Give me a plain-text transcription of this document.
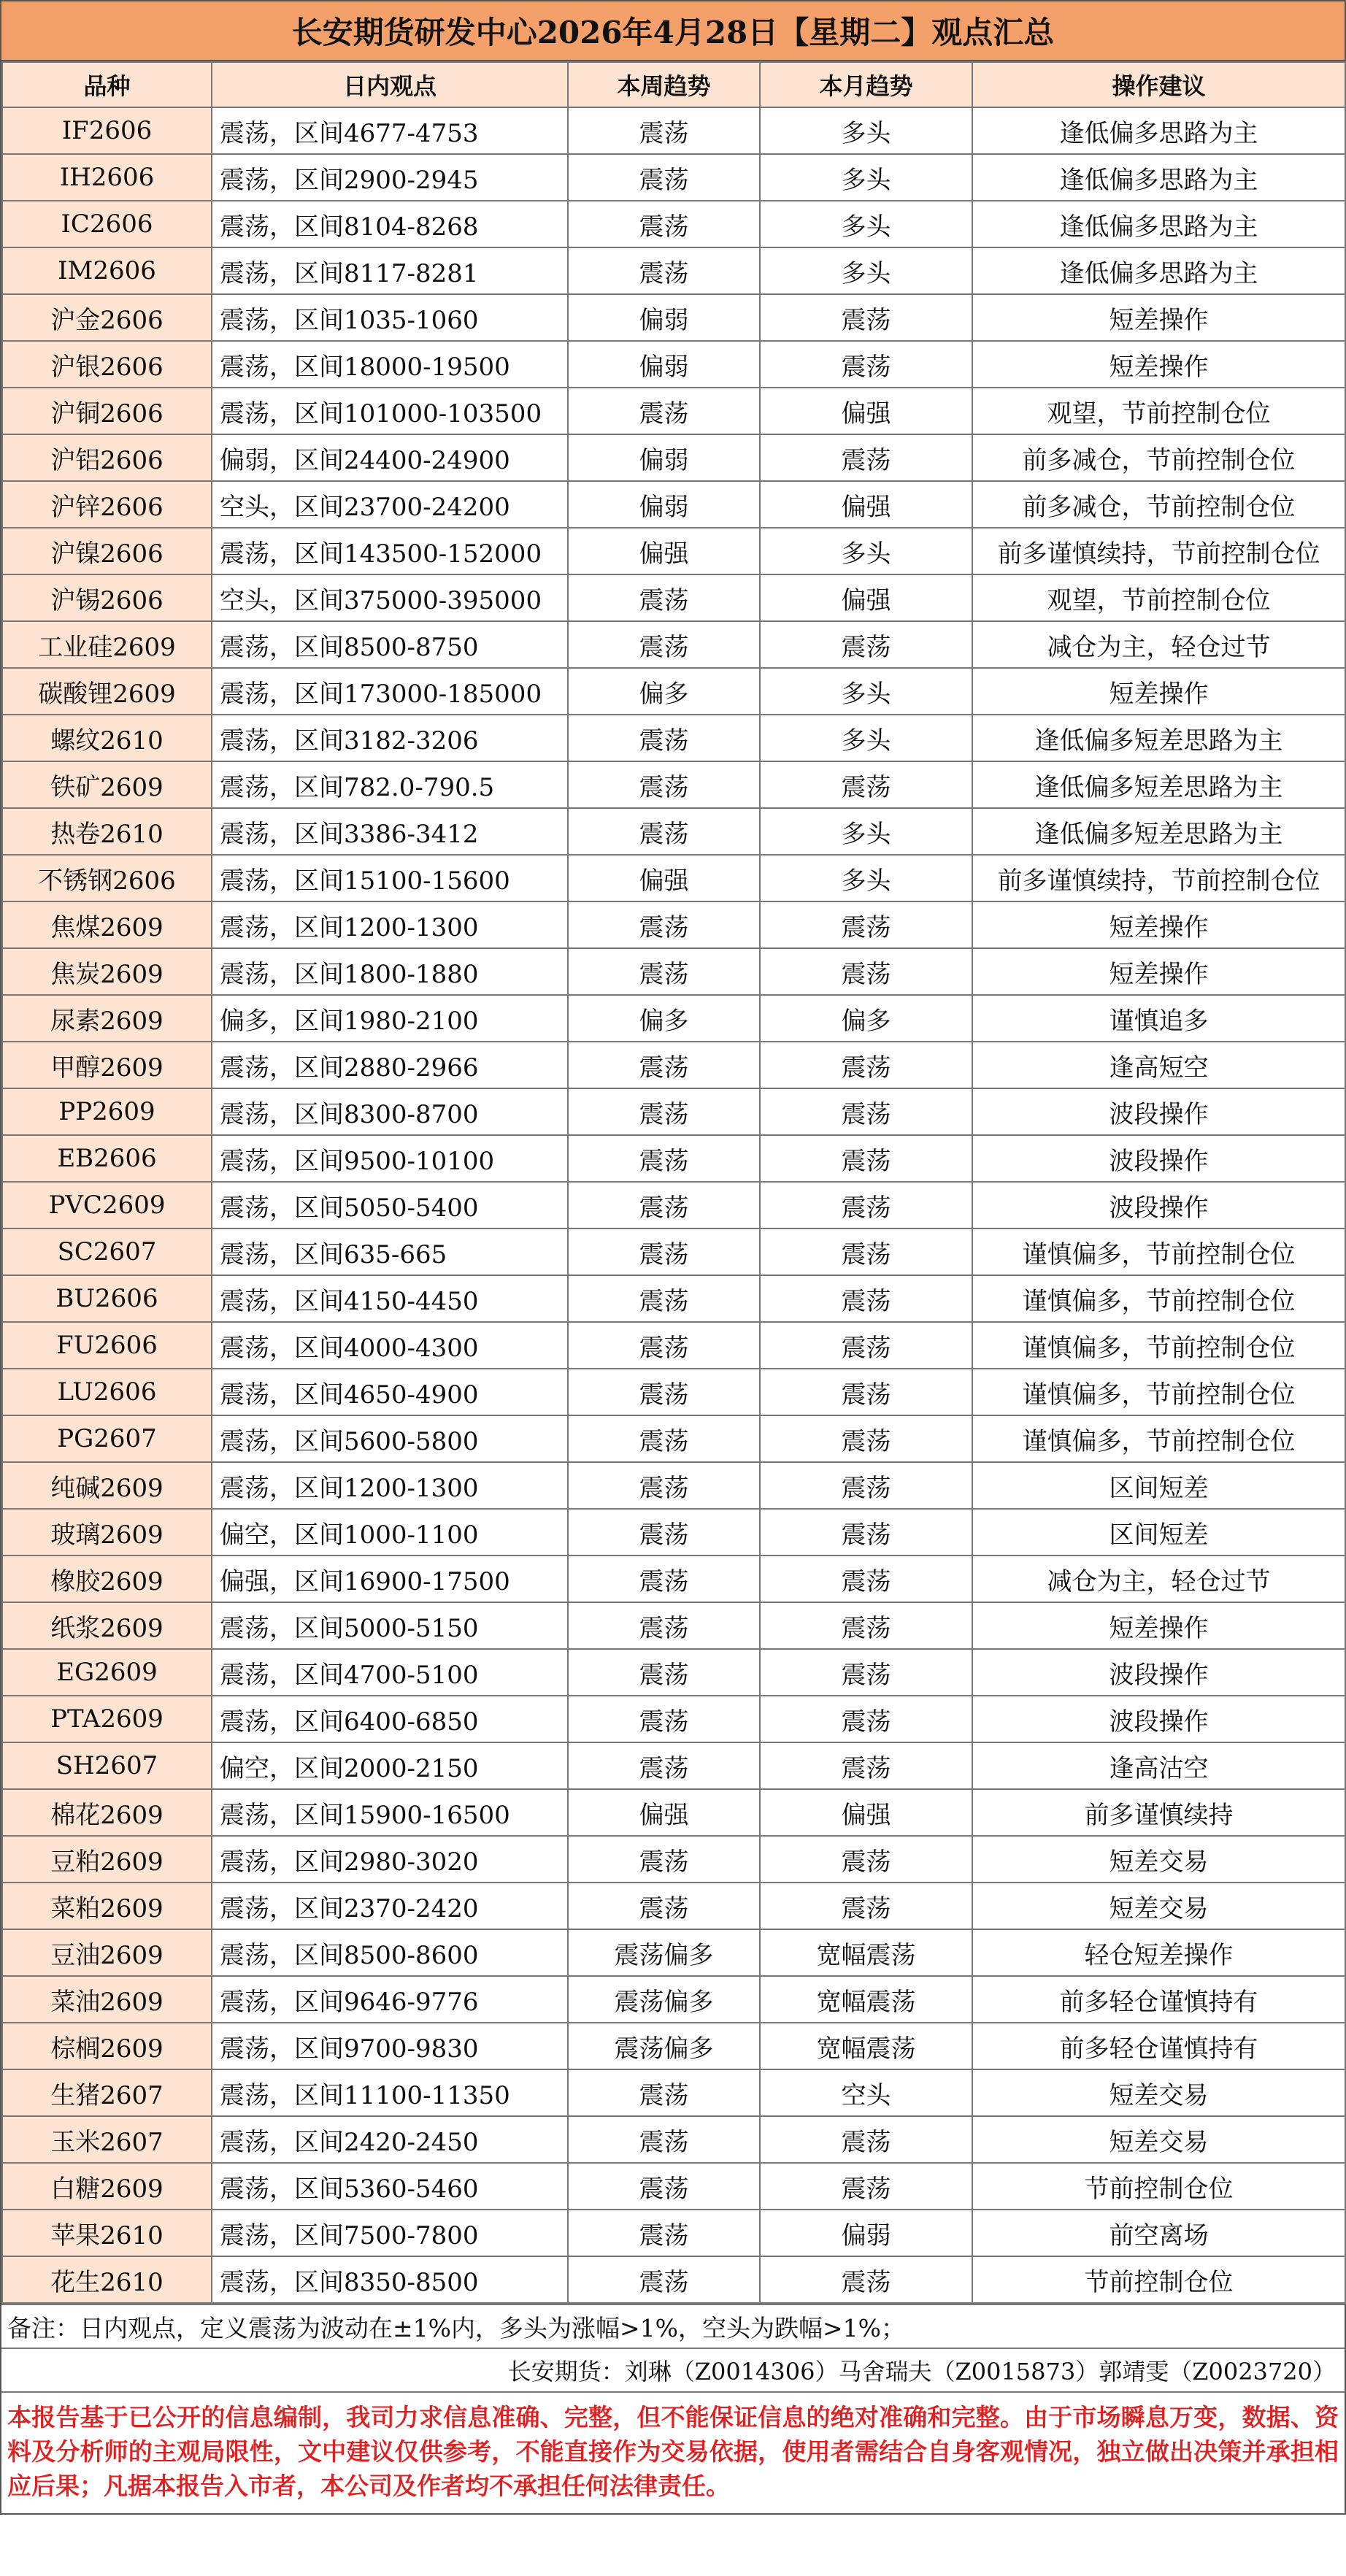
长安期货研发中心2026年4月28日【星期二】观点汇总
品种	日内观点	本周趋势	本月趋势	操作建议
IF2606	震荡，区间4677-4753	震荡	多头	逢低偏多思路为主
IH2606	震荡，区间2900-2945	震荡	多头	逢低偏多思路为主
IC2606	震荡，区间8104-8268	震荡	多头	逢低偏多思路为主
IM2606	震荡，区间8117-8281	震荡	多头	逢低偏多思路为主
沪金2606	震荡，区间1035-1060	偏弱	震荡	短差操作
沪银2606	震荡，区间18000-19500	偏弱	震荡	短差操作
沪铜2606	震荡，区间101000-103500	震荡	偏强	观望，节前控制仓位
沪铝2606	偏弱，区间24400-24900	偏弱	震荡	前多减仓，节前控制仓位
沪锌2606	空头，区间23700-24200	偏弱	偏强	前多减仓，节前控制仓位
沪镍2606	震荡，区间143500-152000	偏强	多头	前多谨慎续持，节前控制仓位
沪锡2606	空头，区间375000-395000	震荡	偏强	观望，节前控制仓位
工业硅2609	震荡，区间8500-8750	震荡	震荡	减仓为主，轻仓过节
碳酸锂2609	震荡，区间173000-185000	偏多	多头	短差操作
螺纹2610	震荡，区间3182-3206	震荡	多头	逢低偏多短差思路为主
铁矿2609	震荡，区间782.0-790.5	震荡	震荡	逢低偏多短差思路为主
热卷2610	震荡，区间3386-3412	震荡	多头	逢低偏多短差思路为主
不锈钢2606	震荡，区间15100-15600	偏强	多头	前多谨慎续持，节前控制仓位
焦煤2609	震荡，区间1200-1300	震荡	震荡	短差操作
焦炭2609	震荡，区间1800-1880	震荡	震荡	短差操作
尿素2609	偏多，区间1980-2100	偏多	偏多	谨慎追多
甲醇2609	震荡，区间2880-2966	震荡	震荡	逢高短空
PP2609	震荡，区间8300-8700	震荡	震荡	波段操作
EB2606	震荡，区间9500-10100	震荡	震荡	波段操作
PVC2609	震荡，区间5050-5400	震荡	震荡	波段操作
SC2607	震荡，区间635-665	震荡	震荡	谨慎偏多，节前控制仓位
BU2606	震荡，区间4150-4450	震荡	震荡	谨慎偏多，节前控制仓位
FU2606	震荡，区间4000-4300	震荡	震荡	谨慎偏多，节前控制仓位
LU2606	震荡，区间4650-4900	震荡	震荡	谨慎偏多，节前控制仓位
PG2607	震荡，区间5600-5800	震荡	震荡	谨慎偏多，节前控制仓位
纯碱2609	震荡，区间1200-1300	震荡	震荡	区间短差
玻璃2609	偏空，区间1000-1100	震荡	震荡	区间短差
橡胶2609	偏强，区间16900-17500	震荡	震荡	减仓为主，轻仓过节
纸浆2609	震荡，区间5000-5150	震荡	震荡	短差操作
EG2609	震荡，区间4700-5100	震荡	震荡	波段操作
PTA2609	震荡，区间6400-6850	震荡	震荡	波段操作
SH2607	偏空，区间2000-2150	震荡	震荡	逢高沽空
棉花2609	震荡，区间15900-16500	偏强	偏强	前多谨慎续持
豆粕2609	震荡，区间2980-3020	震荡	震荡	短差交易
菜粕2609	震荡，区间2370-2420	震荡	震荡	短差交易
豆油2609	震荡，区间8500-8600	震荡偏多	宽幅震荡	轻仓短差操作
菜油2609	震荡，区间9646-9776	震荡偏多	宽幅震荡	前多轻仓谨慎持有
棕榈2609	震荡，区间9700-9830	震荡偏多	宽幅震荡	前多轻仓谨慎持有
生猪2607	震荡，区间11100-11350	震荡	空头	短差交易
玉米2607	震荡，区间2420-2450	震荡	震荡	短差交易
白糖2609	震荡，区间5360-5460	震荡	震荡	节前控制仓位
苹果2610	震荡，区间7500-7800	震荡	偏弱	前空离场
花生2610	震荡，区间8350-8500	震荡	震荡	节前控制仓位
备注：日内观点，定义震荡为波动在±1%内，多头为涨幅>1%，空头为跌幅>1%；
长安期货：刘琳（Z0014306）马舍瑞夫（Z0015873）郭靖雯（Z0023720）
本报告基于已公开的信息编制，我司力求信息准确、完整，但不能保证信息的绝对准确和完整。由于市场瞬息万变，数据、资料及分析师的主观局限性，文中建议仅供参考，不能直接作为交易依据，使用者需结合自身客观情况，独立做出决策并承担相应后果；凡据本报告入市者，本公司及作者均不承担任何法律责任。
